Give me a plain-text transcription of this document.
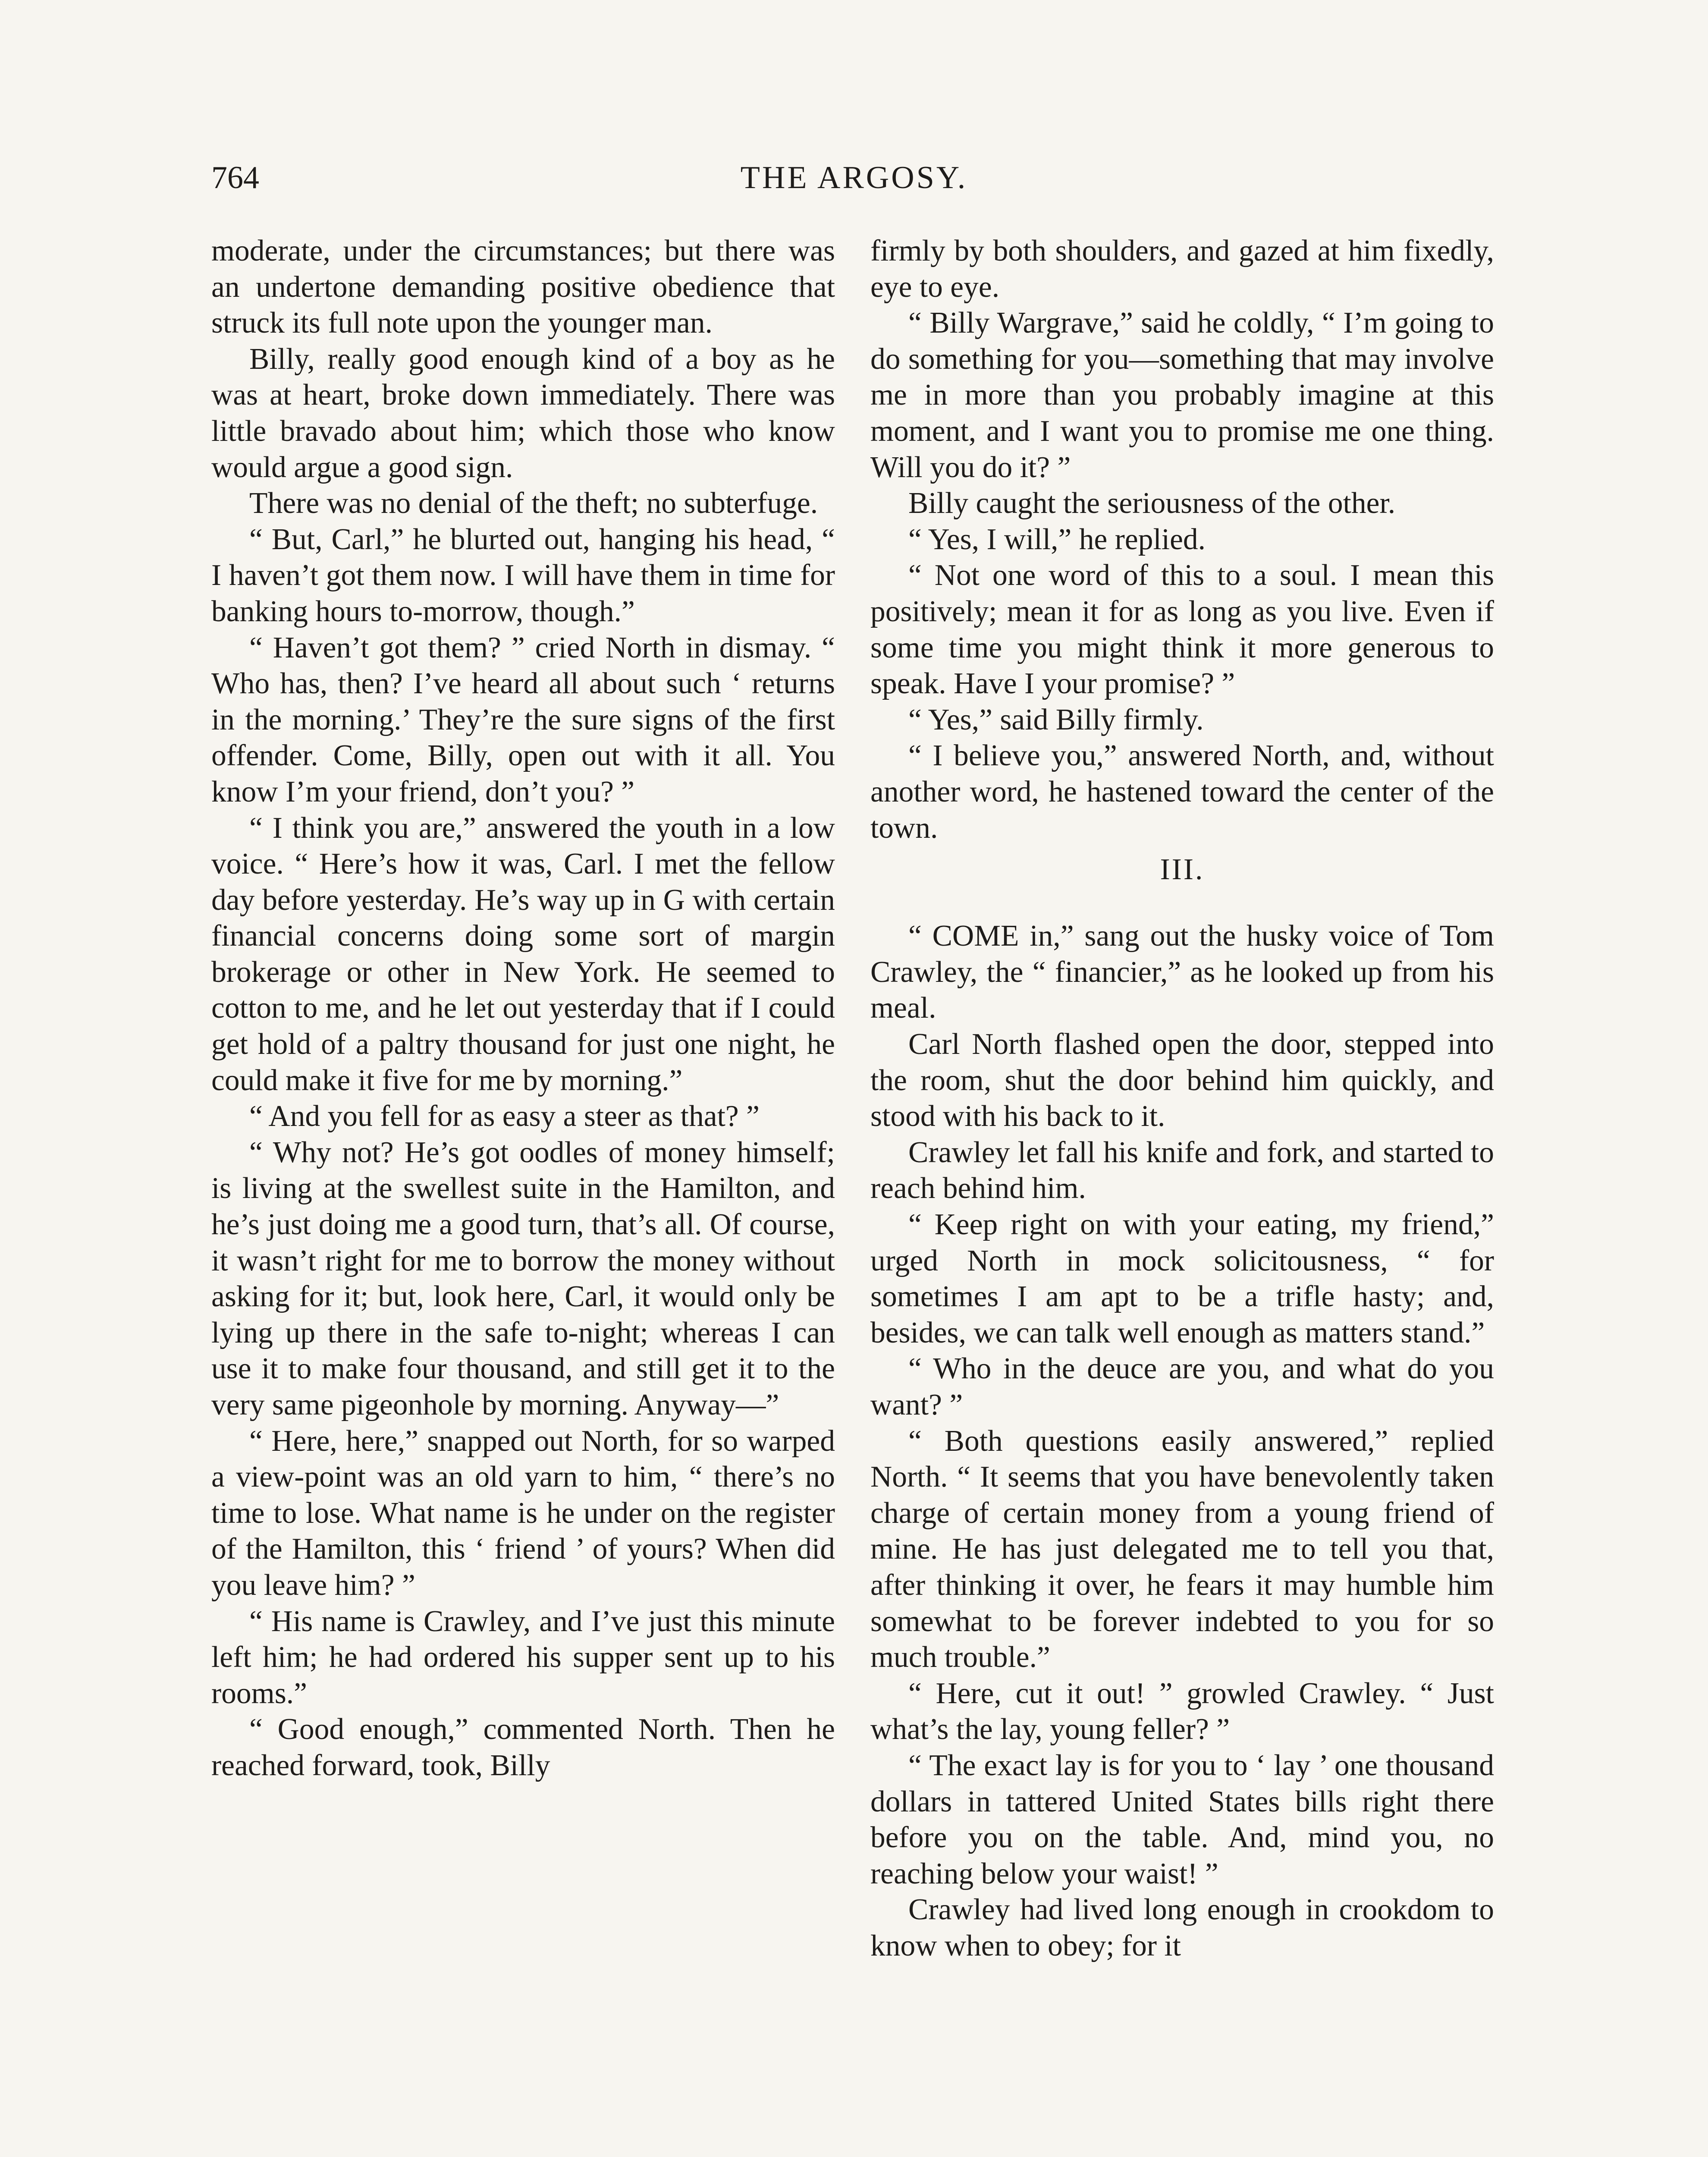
764	THE ARGOSY.

moderate, under the circumstances; but there was an undertone demanding positive obedience that struck its full note upon the younger man.

Billy, really good enough kind of a boy as he was at heart, broke down immediately. There was little bravado about him; which those who know would argue a good sign.

There was no denial of the theft; no subterfuge.

“ But, Carl,” he blurted out, hanging his head, “ I haven’t got them now. I will have them in time for banking hours to-morrow, though.”

“ Haven’t got them? ” cried North in dismay. “ Who has, then? I’ve heard all about such ‘ returns in the morning.’ They’re the sure signs of the first offender. Come, Billy, open out with it all. You know I’m your friend, don’t you? ”

“ I think you are,” answered the youth in a low voice. “ Here’s how it was, Carl. I met the fellow day before yesterday. He’s way up in G with certain financial concerns doing some sort of margin brokerage or other in New York. He seemed to cotton to me, and he let out yesterday that if I could get hold of a paltry thousand for just one night, he could make it five for me by morning.”

“ And you fell for as easy a steer as that? ”

“ Why not? He’s got oodles of money himself; is living at the swellest suite in the Hamilton, and he’s just doing me a good turn, that’s all. Of course, it wasn’t right for me to borrow the money without asking for it; but, look here, Carl, it would only be lying up there in the safe to-night; whereas I can use it to make four thousand, and still get it to the very same pigeonhole by morning. Anyway—”

“ Here, here,” snapped out North, for so warped a view-point was an old yarn to him, “ there’s no time to lose. What name is he under on the register of the Hamilton, this ‘ friend ’ of yours? When did you leave him? ”

“ His name is Crawley, and I’ve just this minute left him; he had ordered his supper sent up to his rooms.”

“ Good enough,” commented North. Then he reached forward, took, Billy

firmly by both shoulders, and gazed at him fixedly, eye to eye.

“ Billy Wargrave,” said he coldly, “ I’m going to do something for you—something that may involve me in more than you probably imagine at this moment, and I want you to promise me one thing. Will you do it? ”

Billy caught the seriousness of the other.

“ Yes, I will,” he replied.

“ Not one word of this to a soul. I mean this positively; mean it for as long as you live. Even if some time you might think it more generous to speak. Have I your promise? ”

“ Yes,” said Billy firmly.

“ I believe you,” answered North, and, without another word, he hastened toward the center of the town.

III.

“ COME in,” sang out the husky voice of Tom Crawley, the “ financier,” as he looked up from his meal.

Carl North flashed open the door, stepped into the room, shut the door behind him quickly, and stood with his back to it.

Crawley let fall his knife and fork, and started to reach behind him.

“ Keep right on with your eating, my friend,” urged North in mock solicitousness, “ for sometimes I am apt to be a trifle hasty; and, besides, we can talk well enough as matters stand.”

“ Who in the deuce are you, and what do you want? ”

“ Both questions easily answered,” replied North. “ It seems that you have benevolently taken charge of certain money from a young friend of mine. He has just delegated me to tell you that, after thinking it over, he fears it may humble him somewhat to be forever indebted to you for so much trouble.”

“ Here, cut it out! ” growled Crawley. “ Just what’s the lay, young feller? ”

“ The exact lay is for you to ‘ lay ’ one thousand dollars in tattered United States bills right there before you on the table. And, mind you, no reaching below your waist! ”

Crawley had lived long enough in crookdom to know when to obey; for it
